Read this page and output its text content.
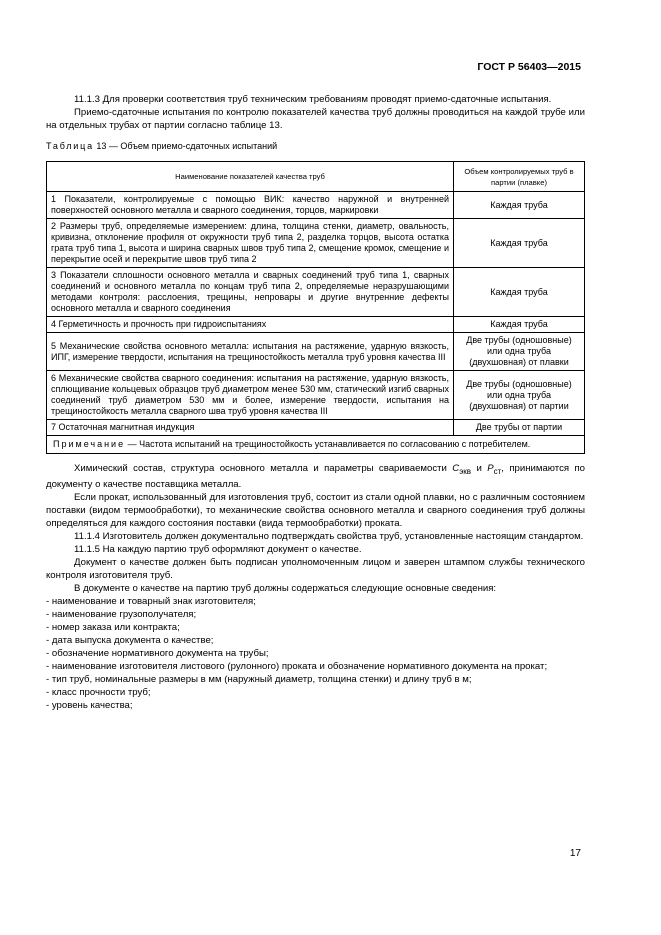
ГОСТ Р 56403—2015

11.1.3 Для проверки соответствия труб техническим требованиям проводят приемо-сдаточные испытания.

Приемо-сдаточные испытания по контролю показателей качества труб должны проводиться на каждой трубе или на отдельных трубах от партии согласно таблице 13.

Таблица 13 — Объем приемо-сдаточных испытаний
Наименование показателей качества труб	Объем контролируемых труб в партии (плавке)
1 Показатели, контролируемые с помощью ВИК: качество наружной и внутренней поверхностей основного металла и сварного соединения, торцов, маркировки	Каждая труба
2 Размеры труб, определяемые измерением: длина, толщина стенки, диаметр, овальность, кривизна, отклонение профиля от окружности труб типа 2, разделка торцов, высота остатка грата труб типа 1, высота и ширина сварных швов труб типа 2, смещение кромок, смещение и перекрытие осей и перекрытие швов труб типа 2	Каждая труба
3 Показатели сплошности основного металла и сварных соединений труб типа 1, сварных соединений и основного металла по концам труб типа 2, определяемые неразрушающими методами контроля: расслоения, трещины, непровары и другие внутренние дефекты основного металла и сварного соединения	Каждая труба
4 Герметичность и прочность при гидроиспытаниях	Каждая труба
5 Механические свойства основного металла: испытания на растяжение, ударную вязкость, ИПГ, измерение твердости, испытания на трещиностойкость металла труб уровня качества III	Две трубы (одношовные) или одна труба (двухшовная) от плавки
6 Механические свойства сварного соединения: испытания на растяжение, ударную вязкость, сплющивание кольцевых образцов труб диаметром менее 530 мм, статический изгиб сварных соединений труб диаметром 530 мм и более, измерение твердости, испытания на трещиностойкость металла сварного шва труб уровня качества III	Две трубы (одношовные) или одна труба (двухшовная) от партии
7 Остаточная магнитная индукция	Две трубы от партии
Примечание — Частота испытаний на трещиностойкость устанавливается по согласованию с потребителем.	

Химический состав, структура основного металла и параметры свариваемости $С_{экв}$ и $Р_{ст}$, принимаются по документу о качестве поставщика металла.

Если прокат, использованный для изготовления труб, состоит из стали одной плавки, но с различным состоянием поставки (видом термообработки), то механические свойства основного металла и сварного соединения труб должны определяться для каждого состояния поставки (вида термообработки) проката.

11.1.4 Изготовитель должен документально подтверждать свойства труб, установленные настоящим стандартом.

11.1.5 На каждую партию труб оформляют документ о качестве.

Документ о качестве должен быть подписан уполномоченным лицом и заверен штампом службы технического контроля изготовителя труб.

В документе о качестве на партию труб должны содержаться следующие основные сведения:

- наименование и товарный знак изготовителя;

- наименование грузополучателя;

- номер заказа или контракта;

- дата выпуска документа о качестве;

- обозначение нормативного документа на трубы;

- наименование изготовителя листового (рулонного) проката и обозначение нормативного документа на прокат;

- тип труб, номинальные размеры в мм (наружный диаметр, толщина стенки) и длину труб в м;

- класс прочности труб;

- уровень качества;

17
